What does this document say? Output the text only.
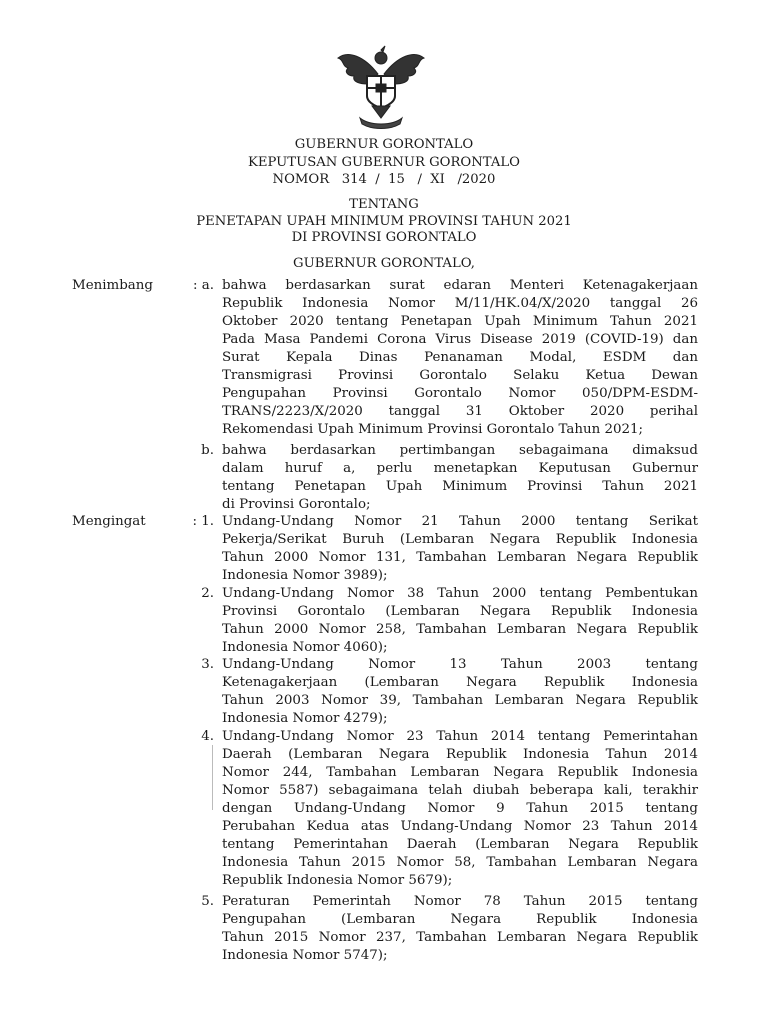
GUBERNUR GORONTALO
KEPUTUSAN GUBERNUR GORONTALO
NOMOR   314  /  15   /  XI   /2020
TENTANG
PENETAPAN UPAH MINIMUM PROVINSI TAHUN 2021
DI PROVINSI GORONTALO
GUBERNUR GORONTALO,
Menimbang	: a. bahwa berdasarkan surat edaran Menteri Ketenagakerjaan
Republik Indonesia Nomor M/11/HK.04/X/2020 tanggal 26
Oktober 2020 tentang Penetapan Upah Minimum Tahun 2021
Pada Masa Pandemi Corona Virus Disease 2019 (COVID-19) dan
Surat Kepala Dinas Penanaman Modal, ESDM dan
Transmigrasi Provinsi Gorontalo Selaku Ketua Dewan
Pengupahan Provinsi Gorontalo Nomor 050/DPM-ESDM-
TRANS/2223/X/2020 tanggal 31 Oktober 2020 perihal
Rekomendasi Upah Minimum Provinsi Gorontalo Tahun 2021;
b. bahwa berdasarkan pertimbangan sebagaimana dimaksud
dalam huruf a, perlu menetapkan Keputusan Gubernur
tentang Penetapan Upah Minimum Provinsi Tahun 2021
di Provinsi Gorontalo;
Mengingat	: 1. Undang-Undang Nomor 21 Tahun 2000 tentang Serikat
Pekerja/Serikat Buruh (Lembaran Negara Republik Indonesia
Tahun 2000 Nomor 131, Tambahan Lembaran Negara Republik
Indonesia Nomor 3989);
2. Undang-Undang Nomor 38 Tahun 2000 tentang Pembentukan
Provinsi Gorontalo (Lembaran Negara Republik Indonesia
Tahun 2000 Nomor 258, Tambahan Lembaran Negara Republik
Indonesia Nomor 4060);
3. Undang-Undang Nomor 13 Tahun 2003 tentang
Ketenagakerjaan (Lembaran Negara Republik Indonesia
Tahun 2003 Nomor 39, Tambahan Lembaran Negara Republik
Indonesia Nomor 4279);
4. Undang-Undang Nomor 23 Tahun 2014 tentang Pemerintahan
Daerah (Lembaran Negara Republik Indonesia Tahun 2014
Nomor 244, Tambahan Lembaran Negara Republik Indonesia
Nomor 5587) sebagaimana telah diubah beberapa kali, terakhir
dengan Undang-Undang Nomor 9 Tahun 2015 tentang
Perubahan Kedua atas Undang-Undang Nomor 23 Tahun 2014
tentang Pemerintahan Daerah (Lembaran Negara Republik
Indonesia Tahun 2015 Nomor 58, Tambahan Lembaran Negara
Republik Indonesia Nomor 5679);
5. Peraturan Pemerintah Nomor 78 Tahun 2015 tentang
Pengupahan (Lembaran Negara Republik Indonesia
Tahun 2015 Nomor 237, Tambahan Lembaran Negara Republik
Indonesia Nomor 5747);
